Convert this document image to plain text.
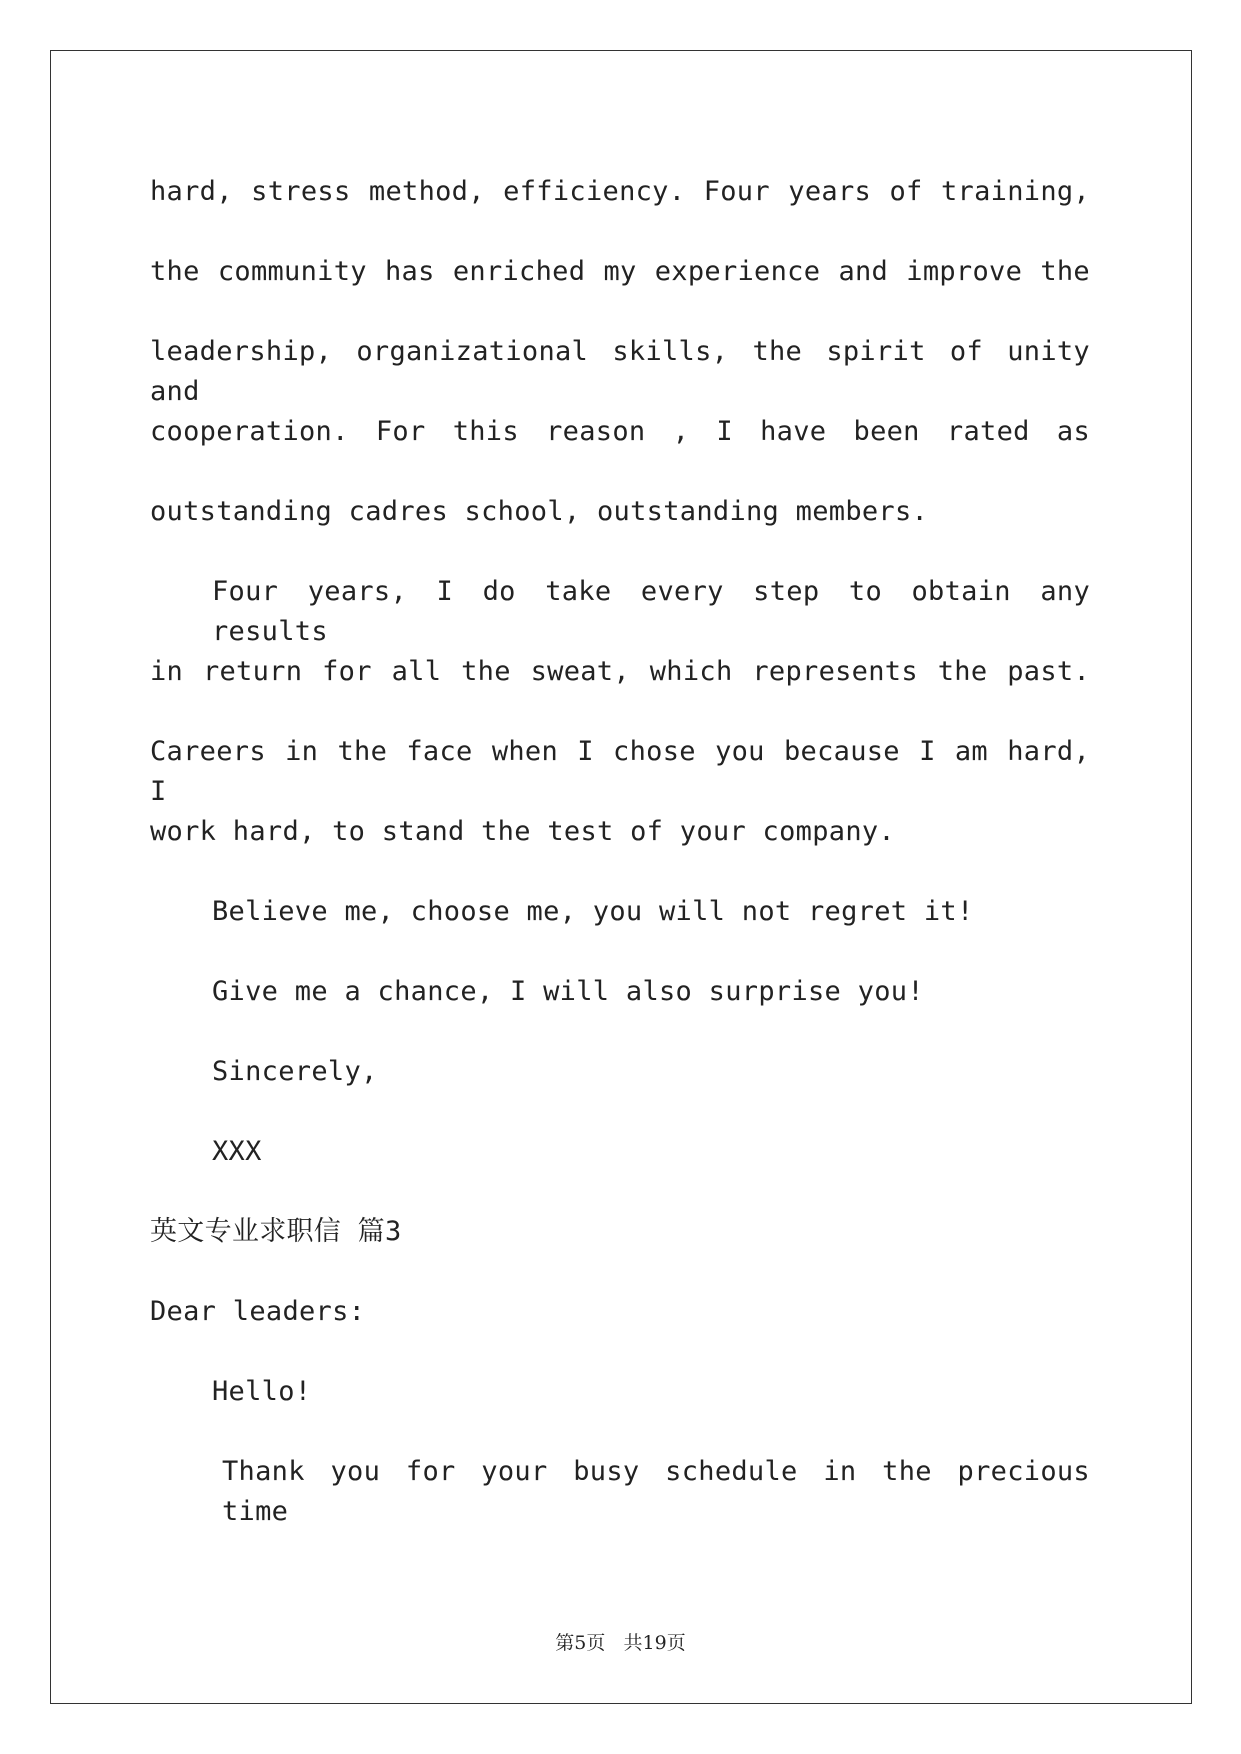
hard, stress method, efficiency. Four years of training,
the community has enriched my experience and improve the
leadership, organizational skills, the spirit of unity and
cooperation. For this reason , I have been rated as
outstanding cadres school, outstanding members.
Four years, I do take every step to obtain any results
in return for all the sweat, which represents the past.
Careers in the face when I chose you because I am hard, I
work hard, to stand the test of your company.
Believe me, choose me, you will not regret it!
Give me a chance, I will also surprise you!
Sincerely,
XXX
英文专业求职信 篇3
Dear leaders:
Hello!
Thank you for your busy schedule in the precious time
第5页 共19页
